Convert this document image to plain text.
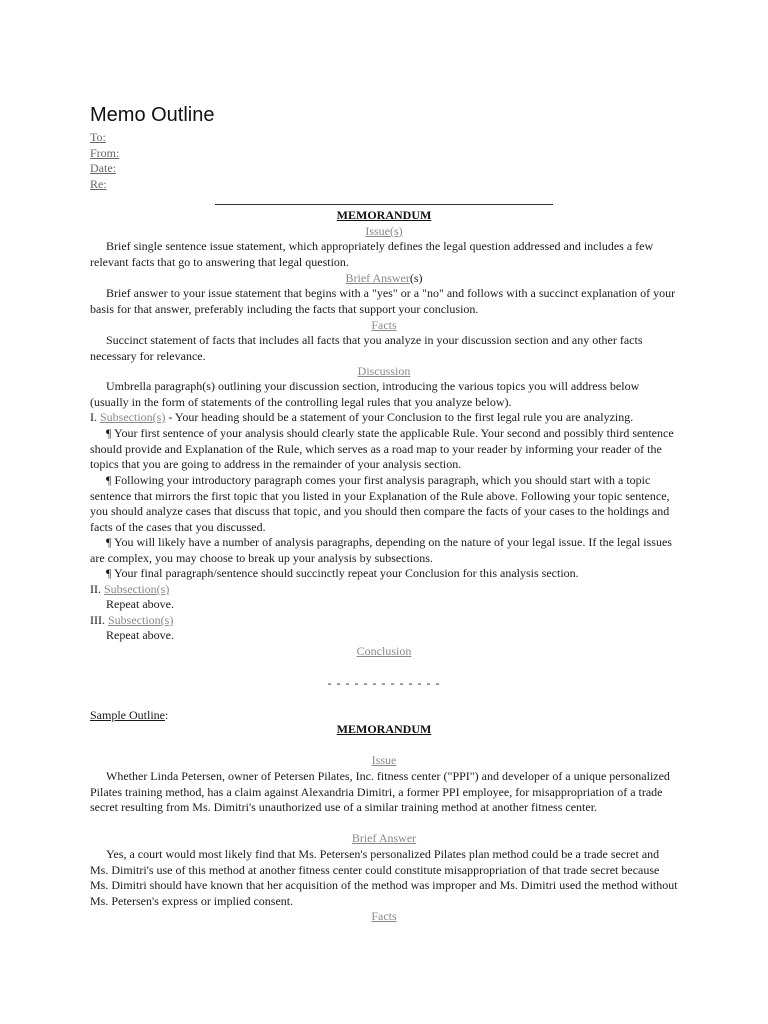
Memo Outline
To:
From:
Date:
Re:
MEMORANDUM
Issue(s)
Brief single sentence issue statement, which appropriately defines the legal question addressed and includes a few relevant facts that go to answering that legal question.
Brief Answer(s)
Brief answer to your issue statement that begins with a "yes" or a "no" and follows with a succinct explanation of your basis for that answer, preferably including the facts that support your conclusion.
Facts
Succinct statement of facts that includes all facts that you analyze in your discussion section and any other facts necessary for relevance.
Discussion
Umbrella paragraph(s) outlining your discussion section, introducing the various topics you will address below (usually in the form of statements of the controlling legal rules that you analyze below).
I. Subsection(s) - Your heading should be a statement of your Conclusion to the first legal rule you are analyzing.
¶ Your first sentence of your analysis should clearly state the applicable Rule. Your second and possibly third sentence should provide and Explanation of the Rule, which serves as a road map to your reader by informing your reader of the topics that you are going to address in the remainder of your analysis section.
¶ Following your introductory paragraph comes your first analysis paragraph, which you should start with a topic sentence that mirrors the first topic that you listed in your Explanation of the Rule above. Following your topic sentence, you should analyze cases that discuss that topic, and you should then compare the facts of your cases to the holdings and facts of the cases that you discussed.
¶ You will likely have a number of analysis paragraphs, depending on the nature of your legal issue. If the legal issues are complex, you may choose to break up your analysis by subsections.
¶ Your final paragraph/sentence should succinctly repeat your Conclusion for this analysis section.
II. Subsection(s)
Repeat above.
III. Subsection(s)
Repeat above.
Conclusion
- - - - - - - - - - - - -
Sample Outline:
MEMORANDUM
Issue
Whether Linda Petersen, owner of Petersen Pilates, Inc. fitness center ("PPI") and developer of a unique personalized Pilates training method, has a claim against Alexandria Dimitri, a former PPI employee, for misappropriation of a trade secret resulting from Ms. Dimitri's unauthorized use of a similar training method at another fitness center.
Brief Answer
Yes, a court would most likely find that Ms. Petersen's personalized Pilates plan method could be a trade secret and Ms. Dimitri's use of this method at another fitness center could constitute misappropriation of that trade secret because Ms. Dimitri should have known that her acquisition of the method was improper and Ms. Dimitri used the method without Ms. Petersen's express or implied consent.
Facts
